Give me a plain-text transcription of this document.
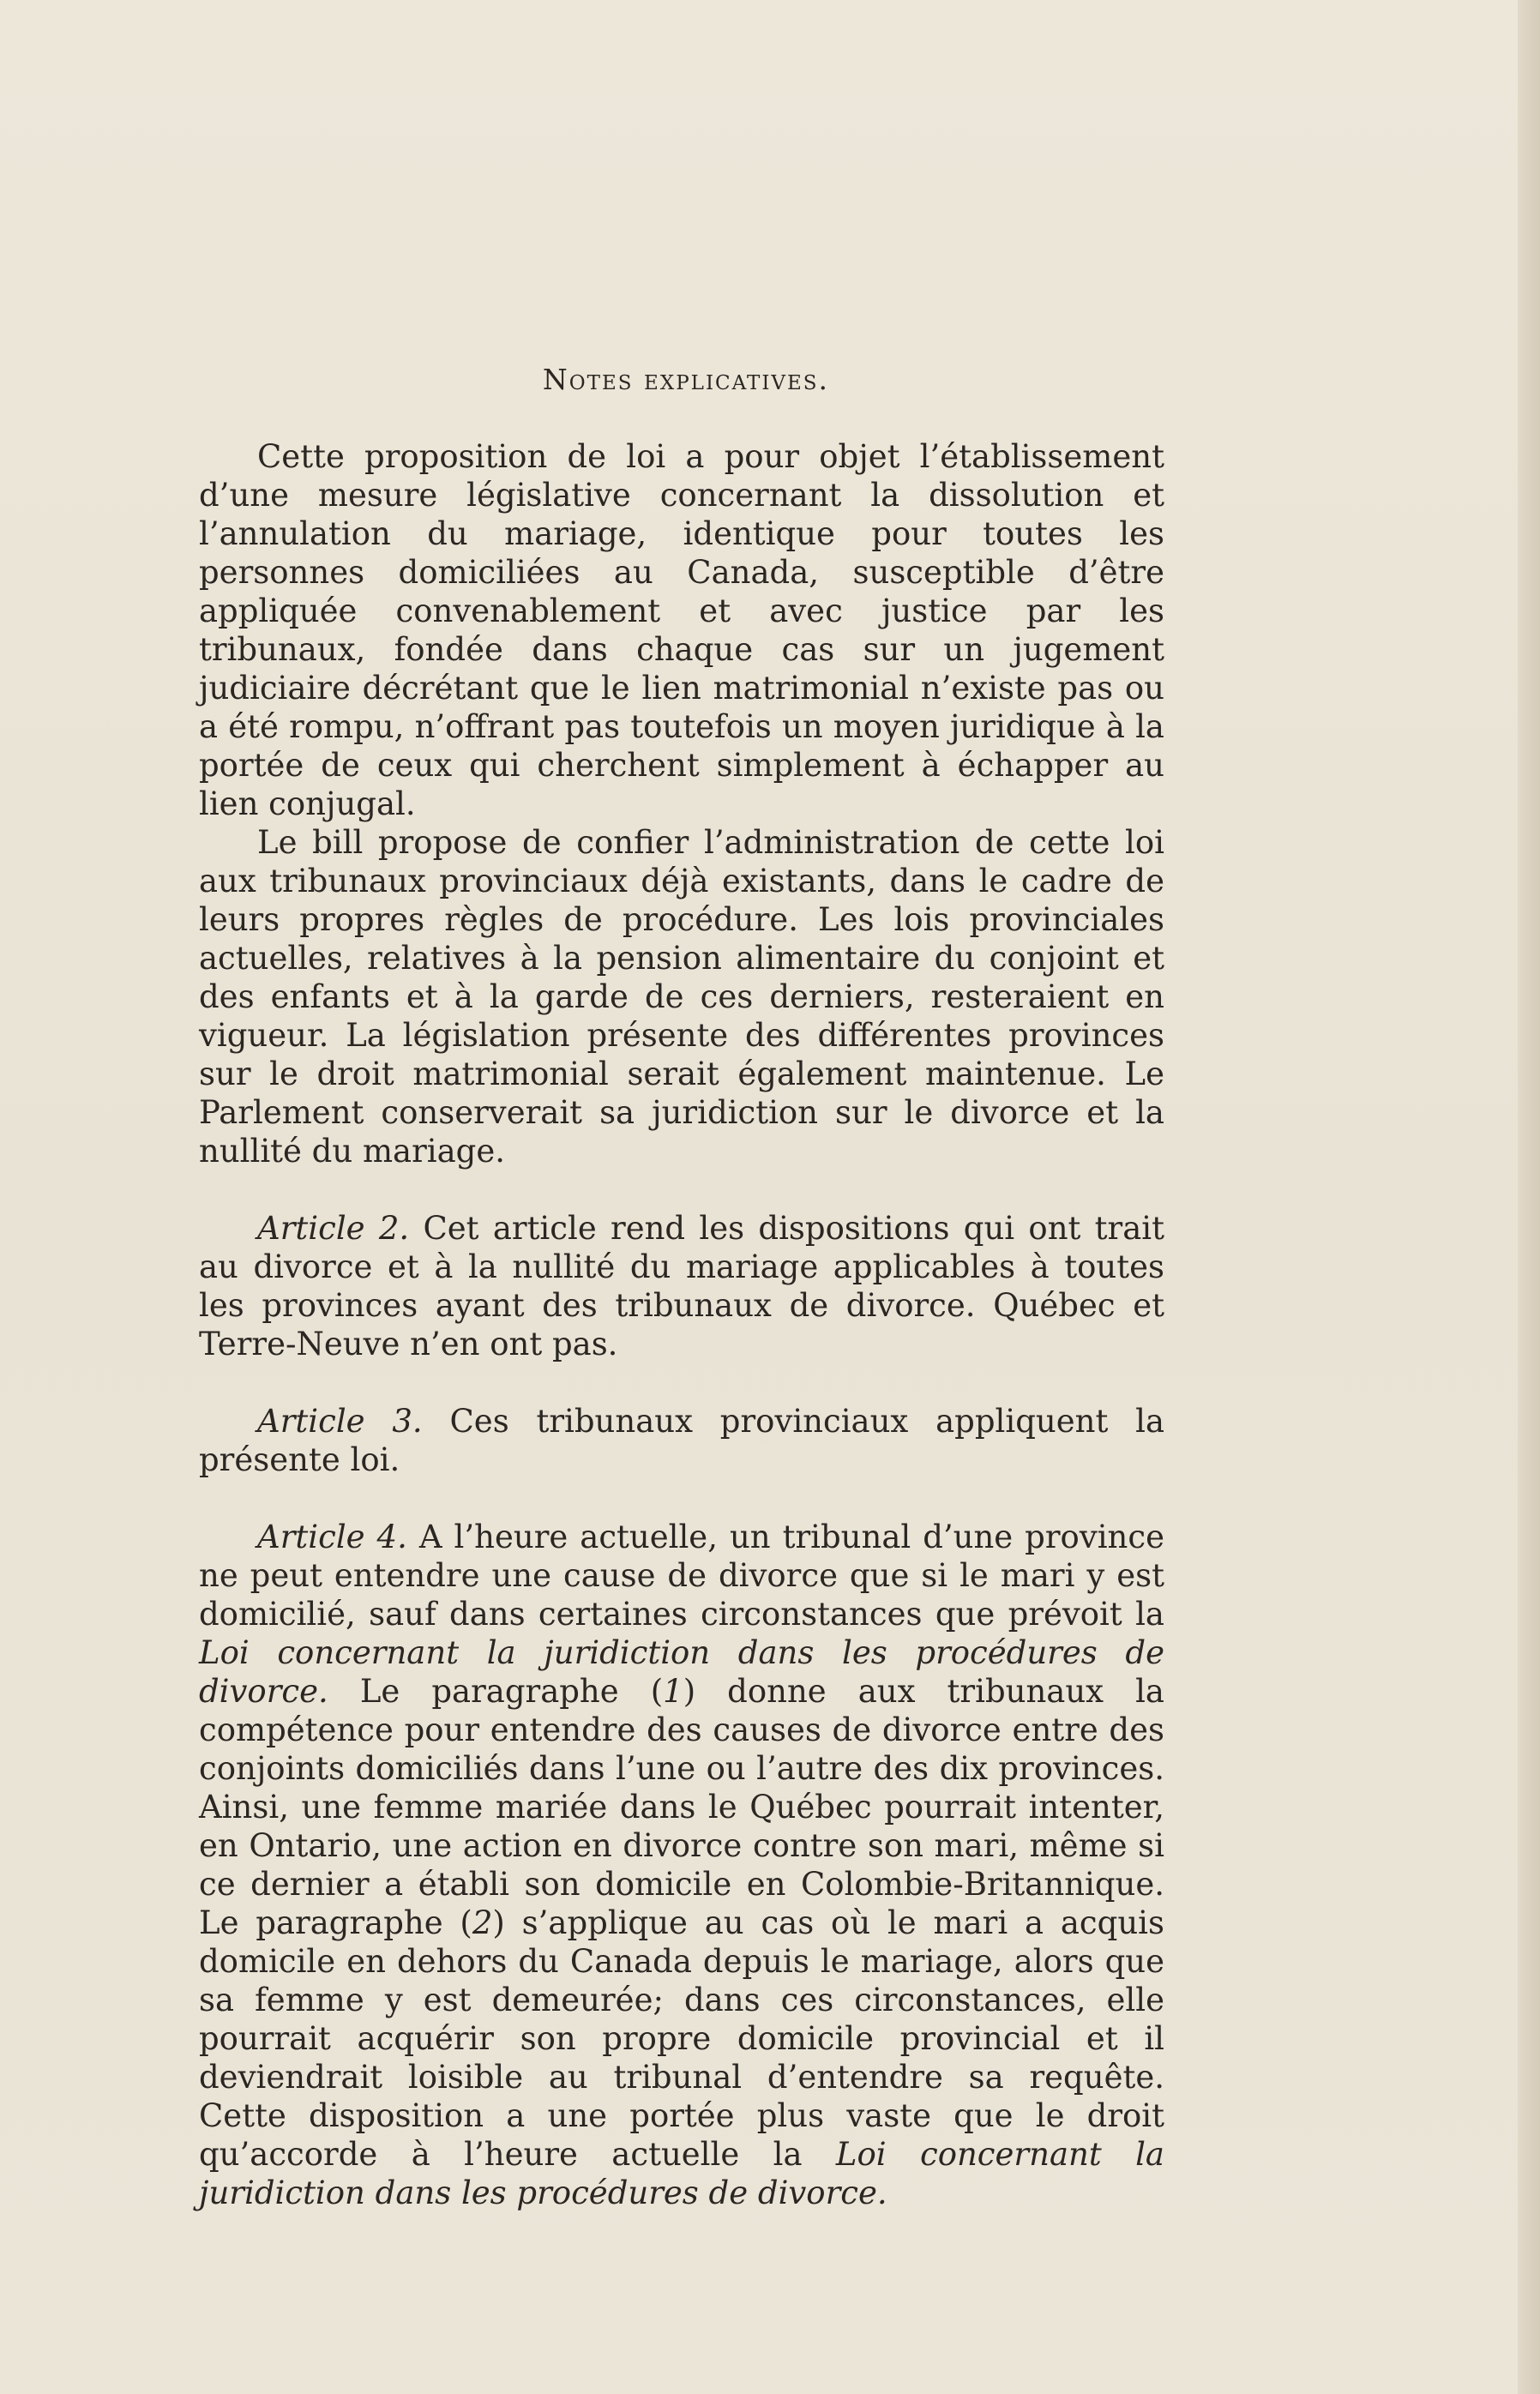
Notes explicatives.

Cette proposition de loi a pour objet l’établissement d’une mesure législative concernant la dissolution et l’annulation du mariage, identique pour toutes les personnes domiciliées au Canada, susceptible d’être appliquée convenablement et avec justice par les tribunaux, fondée dans chaque cas sur un jugement judiciaire décrétant que le lien matrimonial n’existe pas ou a été rompu, n’offrant pas toutefois un moyen juridique à la portée de ceux qui cherchent simplement à échapper au lien conjugal.

Le bill propose de confier l’administration de cette loi aux tribunaux provinciaux déjà existants, dans le cadre de leurs propres règles de procédure. Les lois provinciales actuelles, relatives à la pension alimentaire du conjoint et des enfants et à la garde de ces derniers, resteraient en vigueur. La législation présente des différentes provinces sur le droit matrimonial serait également maintenue. Le Parlement conserverait sa juridiction sur le divorce et la nullité du mariage.

Article 2. Cet article rend les dispositions qui ont trait au divorce et à la nullité du mariage applicables à toutes les provinces ayant des tribunaux de divorce. Québec et Terre-Neuve n’en ont pas.

Article 3. Ces tribunaux provinciaux appliquent la présente loi.

Article 4. A l’heure actuelle, un tribunal d’une province ne peut entendre une cause de divorce que si le mari y est domicilié, sauf dans certaines circonstances que prévoit la Loi concernant la juridiction dans les procédures de divorce. Le paragraphe (1) donne aux tribunaux la compétence pour entendre des causes de divorce entre des conjoints domiciliés dans l’une ou l’autre des dix provinces. Ainsi, une femme mariée dans le Québec pourrait intenter, en Ontario, une action en divorce contre son mari, même si ce dernier a établi son domicile en Colombie-Britannique. Le paragraphe (2) s’applique au cas où le mari a acquis domicile en dehors du Canada depuis le mariage, alors que sa femme y est demeurée; dans ces circonstances, elle pourrait acquérir son propre domicile provincial et il deviendrait loisible au tribunal d’entendre sa requête. Cette disposition a une portée plus vaste que le droit qu’accorde à l’heure actuelle la Loi concernant la juridiction dans les procédures de divorce.
